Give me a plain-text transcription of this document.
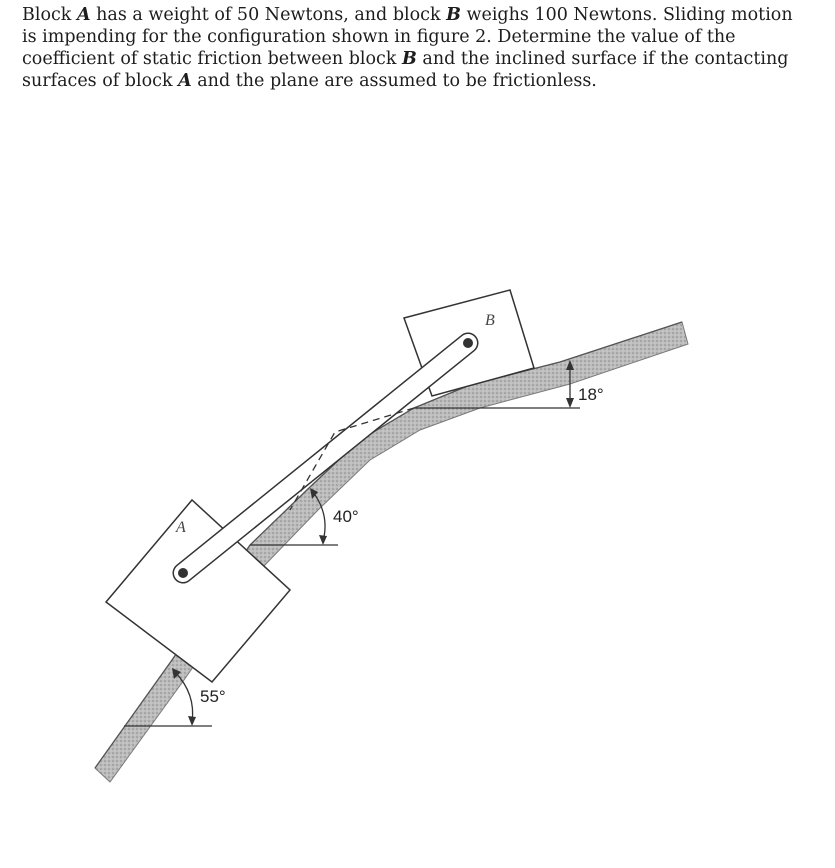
Block A has a weight of 50 Newtons, and block B weighs 100 Newtons. Sliding motion
is impending for the configuration shown in figure 2. Determine the value of the
coefficient of static friction between block B and the inclined surface if the contacting
surfaces of block A and the plane are assumed to be frictionless.
B
A
18°
40°
55°
